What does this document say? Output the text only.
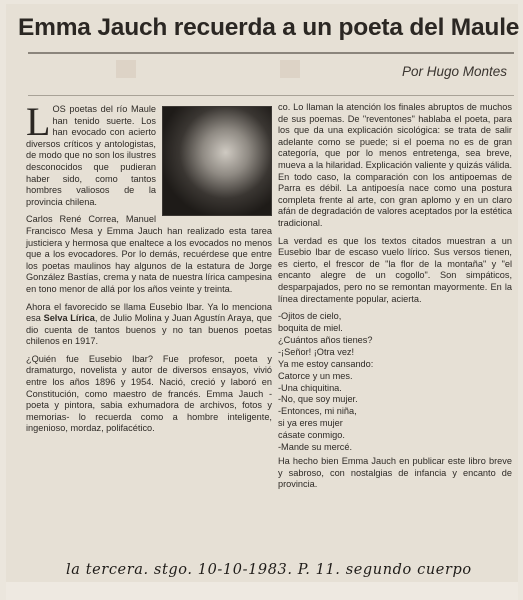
Emma Jauch recuerda a un poeta del Maule
Por Hugo Montes

LOS poetas del río Maule han tenido suerte. Los han evocado con acierto diversos críticos y antologistas, de modo que no son los ilustres desconocidos que pudieran haber sido, como tantos hombres valiosos de la provincia chilena.

Carlos René Correa, Manuel Francisco Mesa y Emma Jauch han realizado esta tarea justiciera y hermosa que enaltece a los evocados no menos que a los evocadores. Por lo demás, recuérdese que entre los poetas maulinos hay algunos de la estatura de Jorge González Bastías, crema y nata de nuestra lírica campesina en tono menor de allá por los años veinte y treinta.

Ahora el favorecido se llama Eusebio Ibar. Ya lo menciona esa Selva Lírica, de Julio Molina y Juan Agustín Araya, que dio cuenta de tantos buenos y no tan buenos poetas chilenos en 1917.

¿Quién fue Eusebio Ibar? Fue profesor, poeta y dramaturgo, novelista y autor de diversos ensayos, vivió entre los años 1896 y 1954. Nació, creció y laboró en Constitución, como maestro de francés. Emma Jauch -poeta y pintora, sabia exhumadora de archivos, fotos y memorias- lo recuerda como a hombre inteligente, ingenioso, mordaz, polifacético.

co. Lo llaman la atención los finales abruptos de muchos de sus poemas. De "reventones" hablaba el poeta, para los que da una explicación sicológica: se trata de salir adelante como se puede; si el poema no es de gran categoría, que por lo menos entretenga, sea breve, mueva a la hilaridad. Explicación valiente y quizás válida. En todo caso, la comparación con los antipoemas de Parra es débil. La antipoesía nace como una postura completa frente al arte, con gran aplomo y en un claro afán de degradación de valores aceptados por la estética tradicional.

La verdad es que los textos citados muestran a un Eusebio Ibar de escaso vuelo lírico. Sus versos tienen, es cierto, el frescor de "la flor de la montaña" y "el encanto alegre de un cogollo". Son simpáticos, desparpajados, pero no se remontan mayormente. En la línea directamente popular, acierta.

-Ojitos de cielo,
boquita de miel.
¿Cuántos años tienes?
-¡Señor! ¡Otra vez!
Ya me estoy cansando:
Catorce y un mes.
-Una chiquitina.
-No, que soy mujer.
-Entonces, mi niña,
si ya eres mujer
cásate conmigo.
-Mande su mercé.

Ha hecho bien Emma Jauch en publicar este libro breve y sabroso, con nostalgias de infancia y encanto de provincia.

la tercera. stgo. 10-10-1983. P. 11. segundo cuerpo
